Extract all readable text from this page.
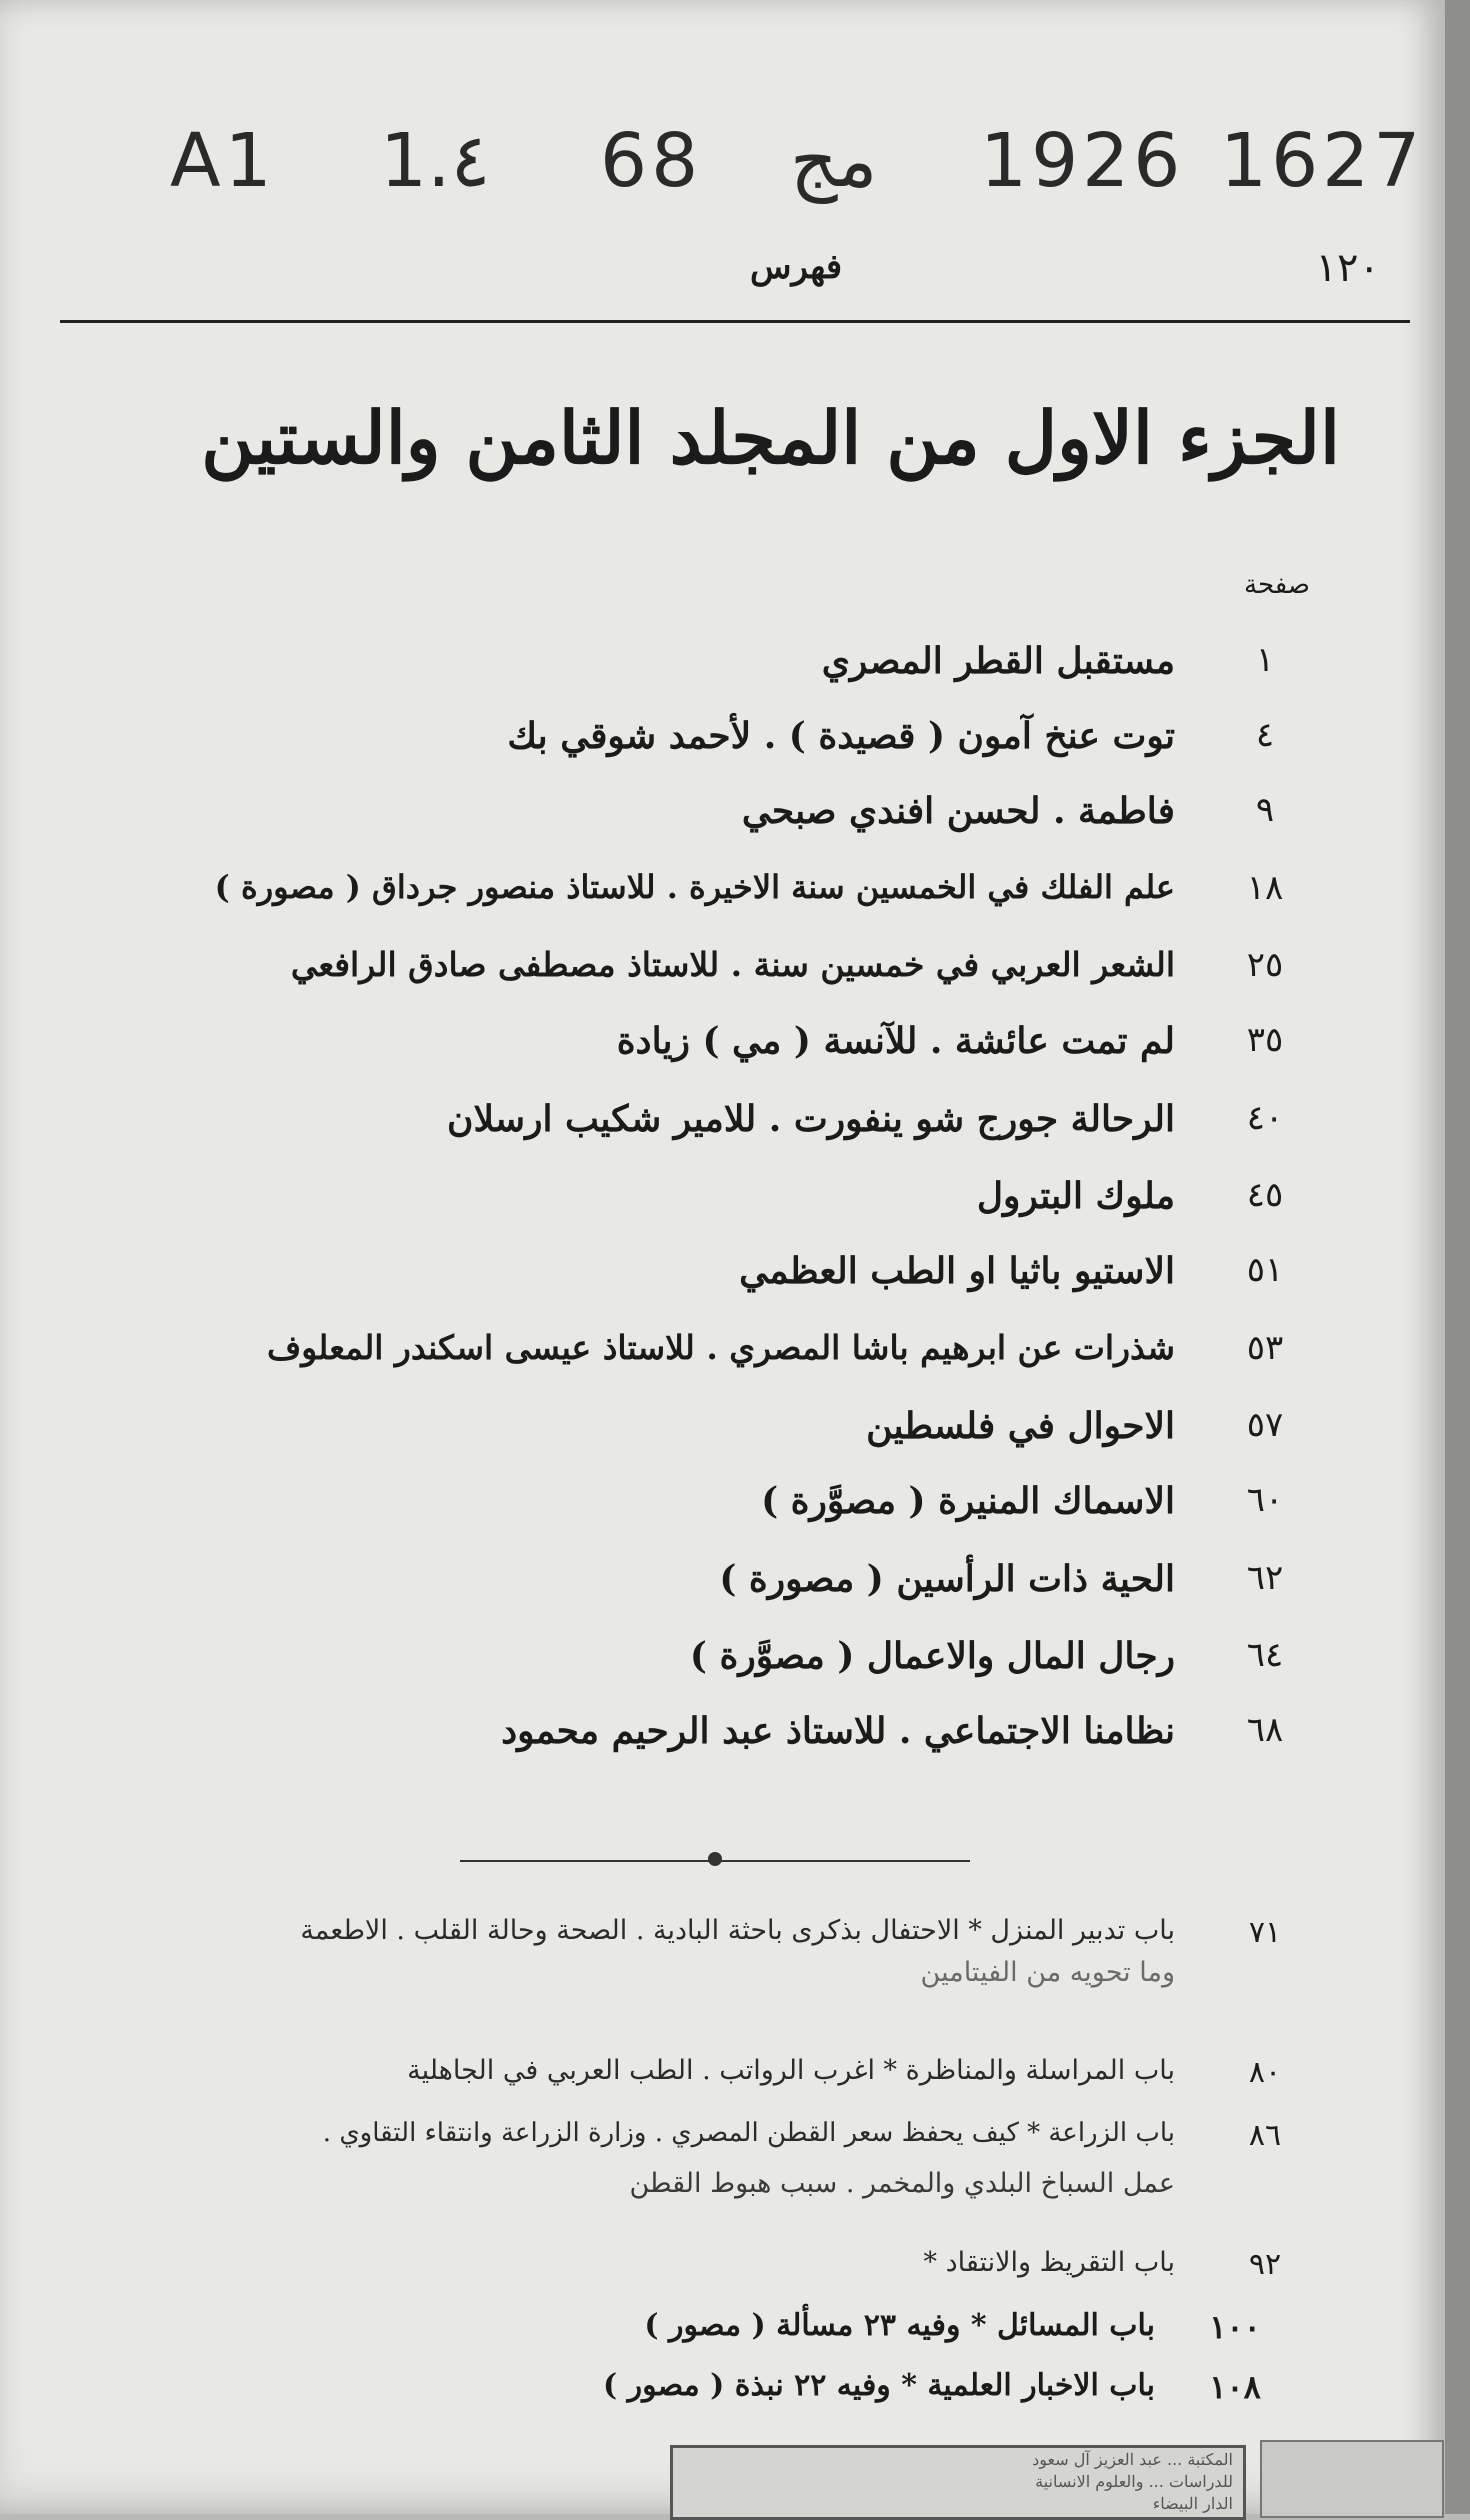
A1 1.٤ 68 مج 1926 1627
١٢٠
فهرس
الجزء الاول من المجلد الثامن والستين
صفحة
١
مستقبل القطر المصري
٤
توت عنخ آمون ( قصيدة ) . لأحمد شوقي بك
٩
فاطمة . لحسن افندي صبحي
١٨
علم الفلك في الخمسين سنة الاخيرة . للاستاذ منصور جرداق ( مصورة )
٢٥
الشعر العربي في خمسين سنة . للاستاذ مصطفى صادق الرافعي
٣٥
لم تمت عائشة . للآنسة ( مي ) زيادة
٤٠
الرحالة جورج شو ينفورت . للامير شكيب ارسلان
٤٥
ملوك البترول
٥١
الاستيو باثيا او الطب العظمي
٥٣
شذرات عن ابرهيم باشا المصري . للاستاذ عيسى اسكندر المعلوف
٥٧
الاحوال في فلسطين
٦٠
الاسماك المنيرة ( مصوَّرة )
٦٢
الحية ذات الرأسين ( مصورة )
٦٤
رجال المال والاعمال ( مصوَّرة )
٦٨
نظامنا الاجتماعي . للاستاذ عبد الرحيم محمود
٧١
باب تدبير المنزل * الاحتفال بذكرى باحثة البادية . الصحة وحالة القلب . الاطعمة
وما تحويه من الفيتامين
٨٠
باب المراسلة والمناظرة * اغرب الرواتب . الطب العربي في الجاهلية
٨٦
باب الزراعة * كيف يحفظ سعر القطن المصري . وزارة الزراعة وانتقاء التقاوي .
عمل السباخ البلدي والمخمر . سبب هبوط القطن
٩٢
باب التقريظ والانتقاد *
١٠٠
باب المسائل * وفيه ٢٣ مسألة ( مصور )
١٠٨
باب الاخبار العلمية * وفيه ٢٢ نبذة ( مصور )
المكتبة ... عبد العزيز آل سعود
للدراسات ... والعلوم الانسانية
الدار البيضاء
